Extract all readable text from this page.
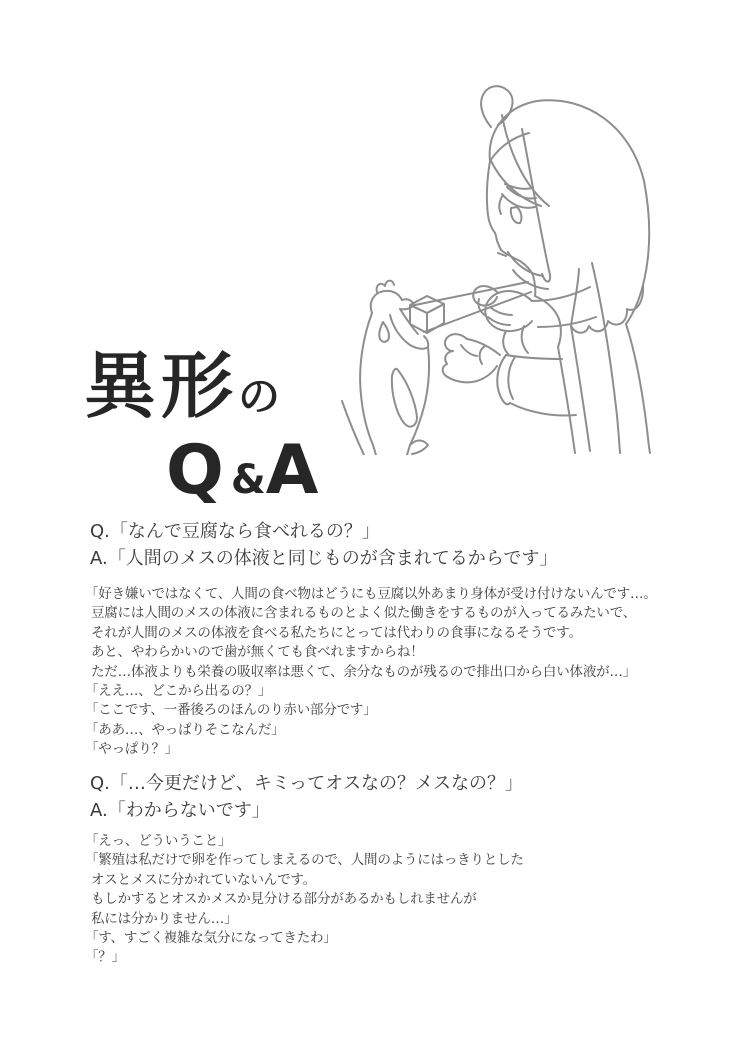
異形の
Q&A
Q.「なんで豆腐なら食べれるの？」
A.「人間のメスの体液と同じものが含まれてるからです」
「好き嫌いではなくて、人間の食べ物はどうにも豆腐以外あまり身体が受け付けないんです…。
豆腐には人間のメスの体液に含まれるものとよく似た働きをするものが入ってるみたいで、
それが人間のメスの体液を食べる私たちにとっては代わりの食事になるそうです。
あと、やわらかいので歯が無くても食べれますからね！
ただ…体液よりも栄養の吸収率は悪くて、余分なものが残るので排出口から白い体液が…」
「ええ…、どこから出るの？」
「ここです、一番後ろのほんのり赤い部分です」
「ああ…、やっぱりそこなんだ」
「やっぱり？」
Q.「…今更だけど、キミってオスなの？メスなの？」
A.「わからないです」
「えっ、どういうこと」
「繁殖は私だけで卵を作ってしまえるので、人間のようにはっきりとした
オスとメスに分かれていないんです。
もしかするとオスかメスか見分ける部分があるかもしれませんが
私には分かりません…」
「す、すごく複雑な気分になってきたわ」
「？」
